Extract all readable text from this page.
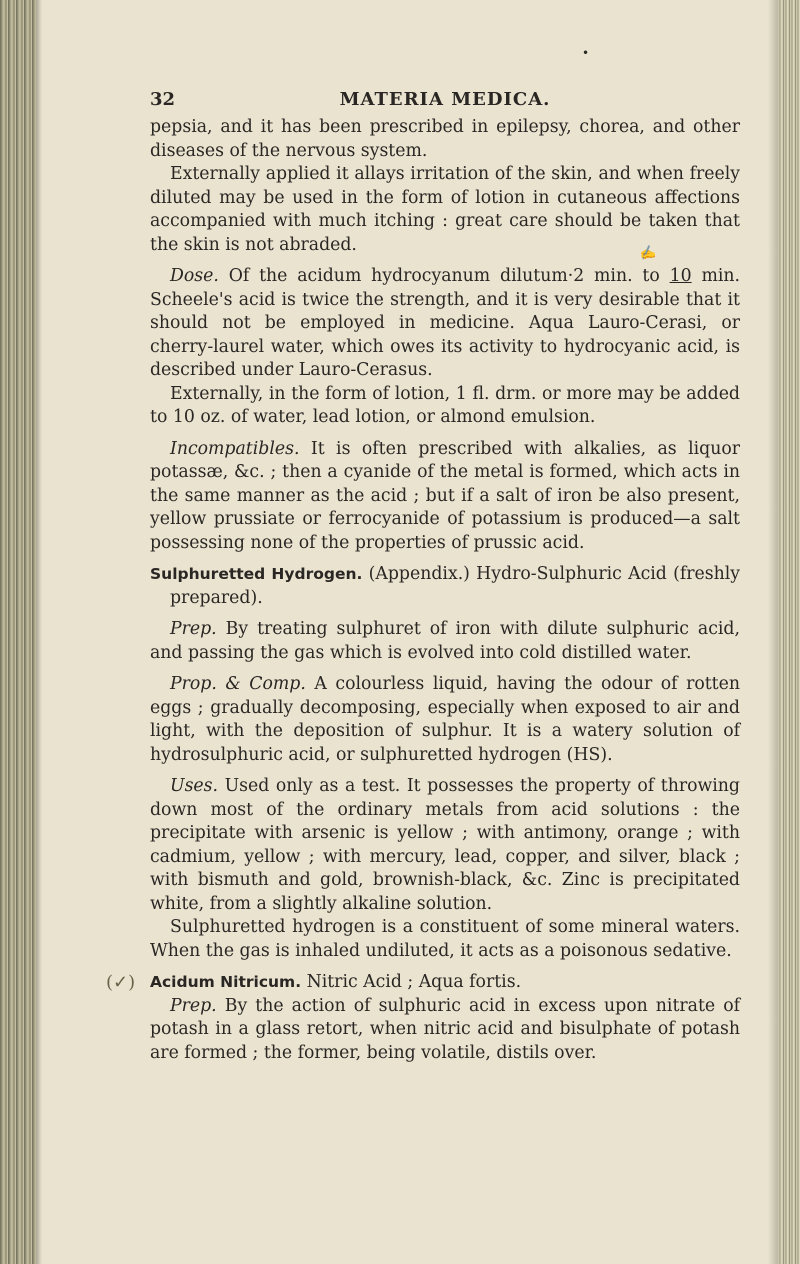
•
32	MATERIA MEDICA.

pepsia, and it has been prescribed in epilepsy, chorea, and other diseases of the nervous system.

Externally applied it allays irritation of the skin, and when freely diluted may be used in the form of lotion in cutaneous affections accompanied with much itching : great care should be taken that the skin is not abraded.

Dose. Of the acidum hydrocyanum dilutum·2 min. to 10 min. Scheele's acid is twice the strength, and it is very desirable that it should not be employed in medicine. Aqua Lauro-Cerasi, or cherry-laurel water, which owes its activity to hydrocyanic acid, is described under Lauro-Cerasus.

Externally, in the form of lotion, 1 fl. drm. or more may be added to 10 oz. of water, lead lotion, or almond emulsion.

Incompatibles. It is often prescribed with alkalies, as liquor potassæ, &c. ; then a cyanide of the metal is formed, which acts in the same manner as the acid ; but if a salt of iron be also present, yellow prussiate or ferrocyanide of potassium is produced—a salt possessing none of the properties of prussic acid.

Sulphuretted Hydrogen. (Appendix.) Hydro-Sulphuric Acid (freshly prepared).

Prep. By treating sulphuret of iron with dilute sulphuric acid, and passing the gas which is evolved into cold distilled water.

Prop. & Comp. A colourless liquid, having the odour of rotten eggs ; gradually decomposing, especially when exposed to air and light, with the deposition of sulphur. It is a watery solution of hydrosulphuric acid, or sulphuretted hydrogen (HS).

Uses. Used only as a test. It possesses the property of throwing down most of the ordinary metals from acid solutions : the precipitate with arsenic is yellow ; with antimony, orange ; with cadmium, yellow ; with mercury, lead, copper, and silver, black ; with bismuth and gold, brownish-black, &c. Zinc is precipitated white, from a slightly alkaline solution.

Sulphuretted hydrogen is a constituent of some mineral waters. When the gas is inhaled undiluted, it acts as a poisonous sedative.

(✓) Acidum Nitricum. Nitric Acid ; Aqua fortis.

Prep. By the action of sulphuric acid in excess upon nitrate of potash in a glass retort, when nitric acid and bisulphate of potash are formed ; the former, being volatile, distils over.

✍
